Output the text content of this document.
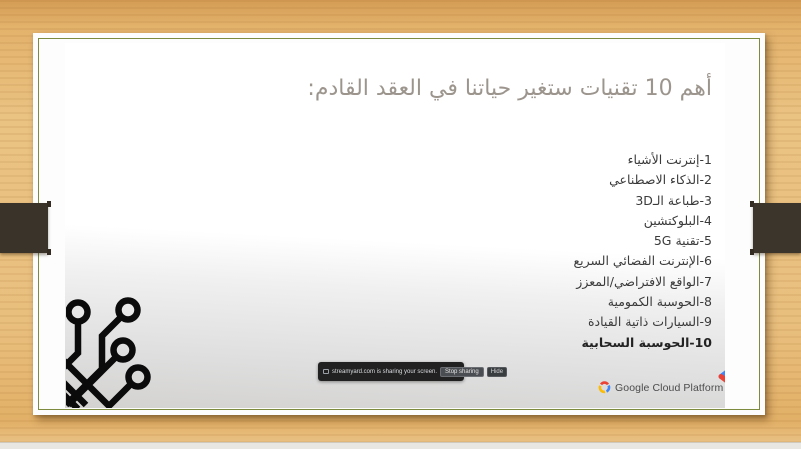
أهم 10 تقنيات ستغير حياتنا في العقد القادم:
1-إنترنت الأشياء
2-الذكاء الاصطناعي
3-طباعة الـ3D
4-البلوكتشين
5-تقنية 5G
6-الإنترنت الفضائي السريع
7-الواقع الافتراضي/المعزز
8-الحوسبة الكمومية
9-السيارات ذاتية القيادة
10-الحوسبة السحابية
Google Cloud Platform
streamyard.com is sharing your screen.	Stop sharing	Hide
